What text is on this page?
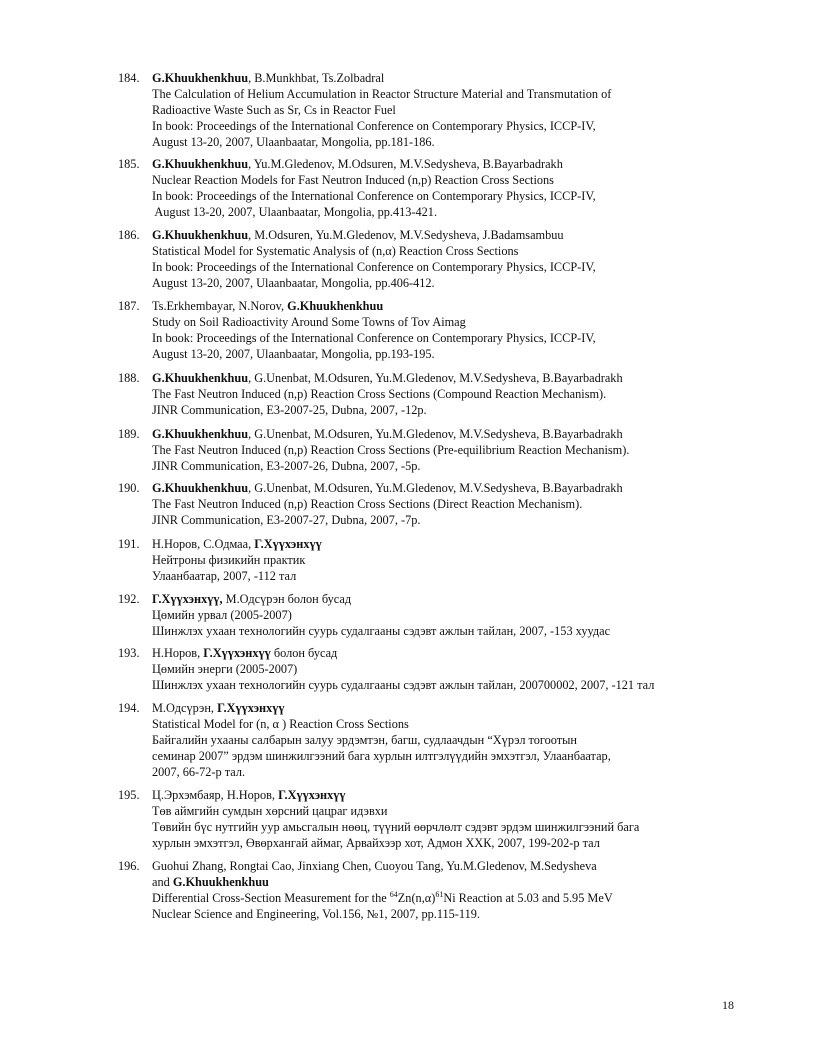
184.	G.Khuukhenkhuu, B.Munkhbat, Ts.Zolbadral
The Calculation of Helium Accumulation in Reactor Structure Material and Transmutation of
Radioactive Waste Such as Sr, Cs in Reactor Fuel
In book: Proceedings of the International Conference on Contemporary Physics, ICCP-IV,
August 13-20, 2007, Ulaanbaatar, Mongolia, pp.181-186.
185.	G.Khuukhenkhuu, Yu.M.Gledenov, M.Odsuren, M.V.Sedysheva, B.Bayarbadrakh
Nuclear Reaction Models for Fast Neutron Induced (n,p) Reaction Cross Sections
In book: Proceedings of the International Conference on Contemporary Physics, ICCP-IV,
August 13-20, 2007, Ulaanbaatar, Mongolia, pp.413-421.
186.	G.Khuukhenkhuu, M.Odsuren, Yu.M.Gledenov, M.V.Sedysheva, J.Badamsambuu
Statistical Model for Systematic Analysis of (n,α) Reaction Cross Sections
In book: Proceedings of the International Conference on Contemporary Physics, ICCP-IV,
August 13-20, 2007, Ulaanbaatar, Mongolia, pp.406-412.
187.	Ts.Erkhembayar, N.Norov, G.Khuukhenkhuu
Study on Soil Radioactivity Around Some Towns of Tov Aimag
In book: Proceedings of the International Conference on Contemporary Physics, ICCP-IV,
August 13-20, 2007, Ulaanbaatar, Mongolia, pp.193-195.
188.	G.Khuukhenkhuu, G.Unenbat, M.Odsuren, Yu.M.Gledenov, M.V.Sedysheva, B.Bayarbadrakh
The Fast Neutron Induced (n,p) Reaction Cross Sections (Compound Reaction Mechanism).
JINR Communication, E3-2007-25, Dubna, 2007, -12p.
189.	G.Khuukhenkhuu, G.Unenbat, M.Odsuren, Yu.M.Gledenov, M.V.Sedysheva, B.Bayarbadrakh
The Fast Neutron Induced (n,p) Reaction Cross Sections (Pre-equilibrium Reaction Mechanism).
JINR Communication, E3-2007-26, Dubna, 2007, -5p.
190.	G.Khuukhenkhuu, G.Unenbat, M.Odsuren, Yu.M.Gledenov, M.V.Sedysheva, B.Bayarbadrakh
The Fast Neutron Induced (n,p) Reaction Cross Sections (Direct Reaction Mechanism).
JINR Communication, E3-2007-27, Dubna, 2007, -7p.
191.	Н.Норов, С.Одмаа, Г.Хүүхэнхүү
Нейтроны физикийн практик
Улаанбаатар, 2007, -112 тал
192.	Г.Хүүхэнхүү, М.Одсүрэн болон бусад
Цөмийн урвал (2005-2007)
Шинжлэх ухаан технологийн суурь судалгааны сэдэвт ажлын тайлан, 2007, -153 хуудас
193.	Н.Норов, Г.Хүүхэнхүү болон бусад
Цөмийн энерги (2005-2007)
Шинжлэх ухаан технологийн суурь судалгааны сэдэвт ажлын тайлан, 200700002, 2007, -121 тал
194.	М.Одсүрэн, Г.Хүүхэнхүү
Statistical Model for (n, α ) Reaction Cross Sections
Байгалийн ухааны салбарын залуу эрдэмтэн, багш, судлаачдын “Хүрэл тогоотын
семинар 2007” эрдэм шинжилгээний бага хурлын илтгэлүүдийн эмхэтгэл, Улаанбаатар,
2007, 66-72-р тал.
195.	Ц.Эрхэмбаяр, Н.Норов, Г.Хүүхэнхүү
Төв аймгийн сумдын хөрсний цацраг идэвхи
Төвийн бүс нутгийн уур амьсгалын нөөц, түүний өөрчлөлт сэдэвт эрдэм шинжилгээний бага
хурлын эмхэтгэл, Өвөрхангай аймаг, Арвайхээр хот, Адмон ХХК, 2007, 199-202-р тал
196.	Guohui Zhang, Rongtai Cao, Jinxiang Chen, Cuoyou Tang, Yu.M.Gledenov, M.Sedysheva
and G.Khuukhenkhuu
Differential Cross-Section Measurement for the $^{64}Zn(n,\alpha)^{61}Ni$ Reaction at 5.03 and 5.95 MeV
Nuclear Science and Engineering, Vol.156, №1, 2007, pp.115-119.
18
